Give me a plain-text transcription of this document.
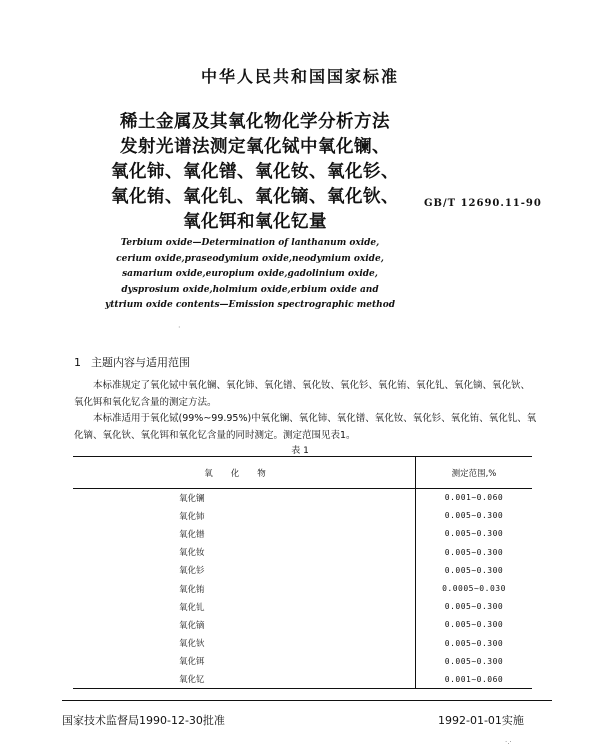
中华人民共和国国家标准
稀土金属及其氧化物化学分析方法
发射光谱法测定氧化铽中氧化镧、
氧化铈、氧化镨、氧化钕、氧化钐、
氧化铕、氧化钆、氧化镝、氧化钬、
氧化铒和氧化钇量
GB/T 12690.11-90
Terbium oxide—Determination of lanthanum oxide,
cerium oxide,praseodymium oxide,neodymium oxide,
samarium oxide,europium oxide,gadolinium oxide,
dysprosium oxide,holmium oxide,erbium oxide and
yttrium oxide contents—Emission spectrographic method
·
1 主题内容与适用范围

本标准规定了氧化铽中氧化镧、氧化铈、氧化镨、氧化钕、氧化钐、氧化铕、氧化钆、氧化镝、氧化钬、氧化铒和氧化钇含量的测定方法。

本标准适用于氧化铽(99%~99.95%)中氧化镧、氧化铈、氧化镨、氧化钕、氧化钐、氧化铕、氧化钆、氧化镝、氧化钬、氧化铒和氧化钇含量的同时测定。测定范围见表1。

表 1
氧化物	测定范围,%
氧化镧	0.001~0.060
氧化铈	0.005~0.300
氧化镨	0.005~0.300
氧化钕	0.005~0.300
氧化钐	0.005~0.300
氧化铕	0.0005~0.030
氧化钆	0.005~0.300
氧化镝	0.005~0.300
氧化钬	0.005~0.300
氧化铒	0.005~0.300
氧化钇	0.001~0.060
国家技术监督局1990-12-30批准	1992-01-01实施
·.·
